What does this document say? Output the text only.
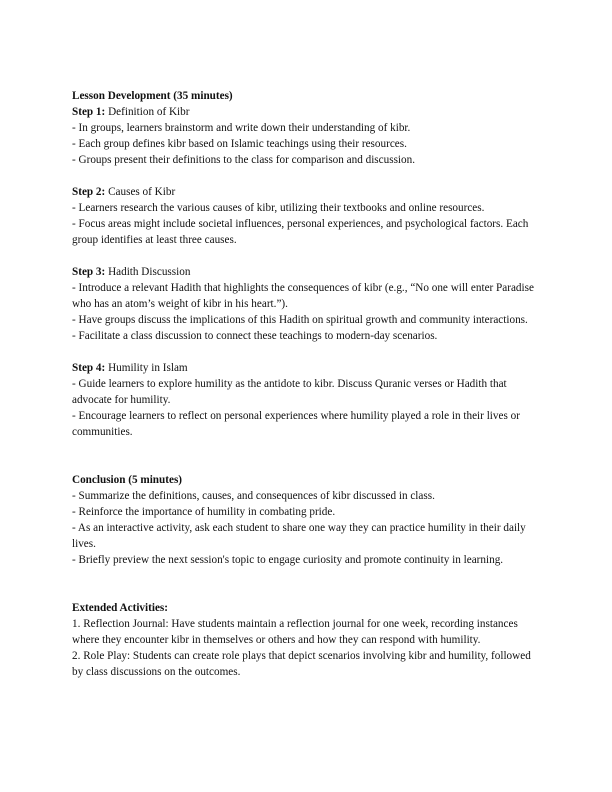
Lesson Development (35 minutes)

Step 1: Definition of Kibr

- In groups, learners brainstorm and write down their understanding of kibr.

- Each group defines kibr based on Islamic teachings using their resources.

- Groups present their definitions to the class for comparison and discussion.

Step 2: Causes of Kibr

- Learners research the various causes of kibr, utilizing their textbooks and online resources.

- Focus areas might include societal influences, personal experiences, and psychological factors. Each group identifies at least three causes.

Step 3: Hadith Discussion

- Introduce a relevant Hadith that highlights the consequences of kibr (e.g., “No one will enter Paradise who has an atom’s weight of kibr in his heart.”).

- Have groups discuss the implications of this Hadith on spiritual growth and community interactions.

- Facilitate a class discussion to connect these teachings to modern-day scenarios.

Step 4: Humility in Islam

- Guide learners to explore humility as the antidote to kibr. Discuss Quranic verses or Hadith that advocate for humility.

- Encourage learners to reflect on personal experiences where humility played a role in their lives or communities.

Conclusion (5 minutes)

- Summarize the definitions, causes, and consequences of kibr discussed in class.

- Reinforce the importance of humility in combating pride.

- As an interactive activity, ask each student to share one way they can practice humility in their daily lives.

- Briefly preview the next session's topic to engage curiosity and promote continuity in learning.

Extended Activities:

1. Reflection Journal: Have students maintain a reflection journal for one week, recording instances where they encounter kibr in themselves or others and how they can respond with humility.

2. Role Play: Students can create role plays that depict scenarios involving kibr and humility, followed by class discussions on the outcomes.
